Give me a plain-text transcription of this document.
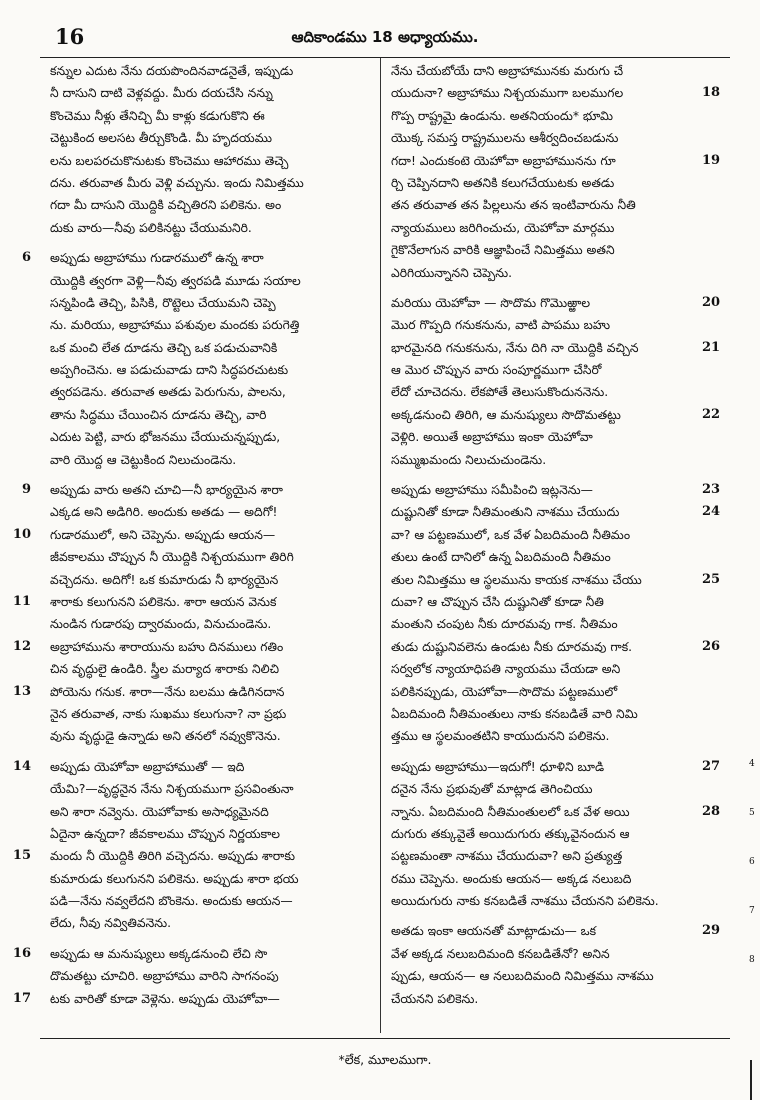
16	ఆదికాండము 18 అధ్యాయము.
కన్నుల ఎదుట నేను దయపొందినవాడనైతే, ఇప్పుడు
నీ దాసుని దాటి వెళ్లవద్దు. మీరు దయచేసి నన్ను
కొంచెము నీళ్లు తేనిచ్చి మీ కాళ్లు కడుగుకొని ఈ
చెట్టుకింద అలసట తీర్చుకొండి. మీ హృదయము
లను బలపరచుకొనుటకు కొంచెము ఆహారము తెచ్చె
దను. తరువాత మీరు వెళ్లి వచ్చును. ఇందు నిమిత్తము
గదా మీ దాసుని యొద్దికి వచ్చితిరని పలికెను. అం
దుకు వారు—నీవు పలికినట్టు చేయుమనిరి.
6 అప్పుడు అబ్రాహాము గుడారములో ఉన్న శారా
యొద్దికి త్వరగా వెళ్లి—నీవు త్వరపడి మూడు సయాల
సన్నపిండి తెచ్చి, పిసికి, రొట్టెలు చేయుమని చెప్పె
ను. మరియు, అబ్రాహాము పశువుల మందకు పరుగెత్తి
ఒక మంచి లేత దూడను తెచ్చి ఒక పడుచువానికి
అప్పగించెను. ఆ పడుచువాడు దాని సిద్ధపరచుటకు
త్వరపడెను. తరువాత అతడు పెరుగును, పాలను,
తాను సిద్ధము చేయించిన దూడను తెచ్చి, వారి
ఎదుట పెట్టి, వారు భోజనము చేయుచున్నప్పుడు,
వారి యొద్ద ఆ చెట్టుకింద నిలుచుండెను.
9 అప్పుడు వారు అతని చూచి—నీ భార్యయైన శారా
ఎక్కడ అని అడిగిరి. అందుకు అతడు — అదిగో!
10 గుడారములో, అని చెప్పెను. అప్పుడు ఆయన—
జీవకాలము చొప్పున నీ యొద్దికి నిశ్చయముగా తిరిగి
వచ్చెదను. అదిగో! ఒక కుమారుడు నీ భార్యయైన
11 శారాకు కలుగునని పలికెను. శారా ఆయన వెనుక
నుండిన గుడారపు ద్వారమందు, వినుచుండెను.
12 అబ్రాహామును శారాయును బహు దినములు గతిం
చిన వృద్ధులై ఉండిరి. స్త్రీల మర్యాద శారాకు నిలిచి
13 పోయెను గనుక. శారా—నేను బలము ఉడిగినదాన
నైన తరువాత, నాకు సుఖము కలుగునా? నా ప్రభు
వును వృద్ధుడై ఉన్నాడు అని తనలో నవ్వుకొనెను.
14 అప్పుడు యెహోవా అబ్రాహాముతో — ఇది
యేమి?—వృద్ధనైన నేను నిశ్చయముగా ప్రసవింతునా
అని శారా నవ్వెను. యెహోవాకు అసాధ్యమైనది
ఏదైనా ఉన్నదా? జీవకాలము చొప్పున నిర్ణయకాల
15 మందు నీ యొద్దికి తిరిగి వచ్చెదను. అప్పుడు శారాకు
కుమారుడు కలుగునని పలికెను. అప్పుడు శారా భయ
పడి—నేను నవ్వలేదని బొంకెను. అందుకు ఆయన—
లేదు, నీవు నవ్వితివనెను.
16 అప్పుడు ఆ మనుష్యులు అక్కడనుంచి లేచి సొ
దొమతట్టు చూచిరి. అబ్రాహాము వారిని సాగనంపు
17 టకు వారితో కూడా వెళ్లెను. అప్పుడు యెహోవా—
నేను చేయబోయే దాని అబ్రాహామునకు మరుగు చే
18
యుదునా? అబ్రాహాము నిశ్చయముగా బలముగల
గొప్ప రాష్ట్రమై ఉండును. అతనియందు* భూమి
యొక్క సమస్త రాష్ట్రములను ఆశీర్వదించబడును
19
గదా! ఎందుకంటె యెహోవా అబ్రాహామునను గూ
ర్చి చెప్పినదాని అతనికి కలుగచేయుటకు అతడు
తన తరువాత తన పిల్లలును తన ఇంటివారును నీతి
న్యాయములు జరిగించుచు, యెహోవా మార్గము
గైకొనేలాగున వారికి ఆజ్ఞాపించే నిమిత్తము అతని
ఎరిగియున్నానని చెప్పెను.
20
మరియు యెహోవా — సొదొమ గొమొఱ్ఱాల
మొర గొప్పది గనుకనును, వాటి పాపము బహు
21
భారమైనది గనుకనును, నేను దిగి నా యొద్దికి వచ్చిన
ఆ మొర చొప్పున వారు సంపూర్ణముగా చేసిరో
లేదో చూచెదను. లేకపోతే తెలుసుకొందుననెను.
22
అక్కడనుంచి తిరిగి, ఆ మనుష్యులు సొదొమతట్టు
వెళ్లిరి. అయితే అబ్రాహాము ఇంకా యెహోవా
సమ్ముఖమందు నిలుచుచుండెను.
23
అప్పుడు అబ్రాహాము సమీపించి ఇట్లనెను—
24
దుష్టునితో కూడా నీతిమంతుని నాశము చేయుదు
వా? ఆ పట్టణములో, ఒక వేళ ఏబదిమంది నీతిమం
తులు ఉంటే దానిలో ఉన్న ఏబదిమంది నీతిమం
25
తుల నిమిత్తము ఆ స్థలమును కాయక నాశము చేయు
దువా? ఆ చొప్పున చేసి దుష్టునితో కూడా నీతి
మంతుని చంపుట నీకు దూరమవు గాక. నీతిమం
26
తుడు దుష్టునివలెను ఉండుట నీకు దూరమవు గాక.
సర్వలోక న్యాయాధిపతి న్యాయము చేయడా అని
పలికినప్పుడు, యెహోవా—సొదొమ పట్టణములో
ఏబదిమంది నీతిమంతులు నాకు కనబడితే వారి నిమి
త్తము ఆ స్థలమంతటిని కాయుదునని పలికెను.
27
అప్పుడు అబ్రాహాము—ఇదుగో! ధూళిని బూడి
దనైన నేను ప్రభువుతో మాట్లాడ తెగించియు
28
న్నాను. ఏబదిమంది నీతిమంతులలో ఒక వేళ అయి
దుగురు తక్కువైతే అయిదుగురు తక్కువైనందున ఆ
పట్టణమంతా నాశము చేయుదువా? అని ప్రత్యుత్త
రము చెప్పెను. అందుకు ఆయన— అక్కడ నలుబది
అయిదుగురు నాకు కనబడితే నాశము చేయనని పలికెను.
29
అతడు ఇంకా ఆయనతో మాట్లాడుచు— ఒక
వేళ అక్కడ నలుబదిమంది కనబడితేనో? అనిన
ప్పుడు, ఆయన— ఆ నలుబదిమంది నిమిత్తము నాశము
చేయనని పలికెను.
*లేక, మూలముగా.
4
5
6
7
8
